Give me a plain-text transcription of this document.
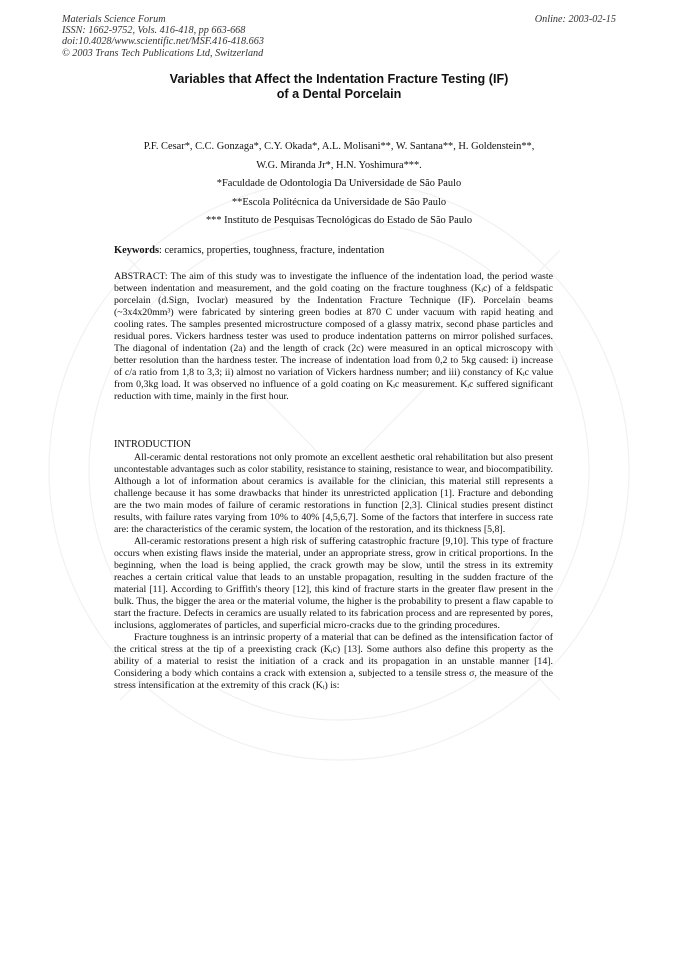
Materials Science Forum
ISSN: 1662-9752, Vols. 416-418, pp 663-668
doi:10.4028/www.scientific.net/MSF.416-418.663
© 2003 Trans Tech Publications Ltd, Switzerland
Online: 2003-02-15
Variables that Affect the Indentation Fracture Testing (IF)
of a Dental Porcelain
P.F. Cesar*, C.C. Gonzaga*, C.Y. Okada*, A.L. Molisani**, W. Santana**, H. Goldenstein**,
W.G. Miranda Jr*, H.N. Yoshimura***.
*Faculdade de Odontologia Da Universidade de São Paulo
**Escola Politécnica da Universidade de São Paulo
*** Instituto de Pesquisas Tecnológicas do Estado de São Paulo
Keywords: ceramics, properties, toughness, fracture, indentation
ABSTRACT: The aim of this study was to investigate the influence of the indentation load, the period waste between indentation and measurement, and the gold coating on the fracture toughness (Kᵢc) of a feldspatic porcelain (d.Sign, Ivoclar) measured by the Indentation Fracture Technique (IF). Porcelain beams (~3x4x20mm³) were fabricated by sintering green bodies at 870 C under vacuum with rapid heating and cooling rates. The samples presented microstructure composed of a glassy matrix, second phase particles and residual pores. Vickers hardness tester was used to produce indentation patterns on mirror polished surfaces. The diagonal of indentation (2a) and the length of crack (2c) were measured in an optical microscopy with better resolution than the hardness tester. The increase of indentation load from 0,2 to 5kg caused: i) increase of c/a ratio from 1,8 to 3,3; ii) almost no variation of Vickers hardness number; and iii) constancy of Kᵢc value from 0,3kg load. It was observed no influence of a gold coating on Kᵢc measurement. Kᵢc suffered significant reduction with time, mainly in the first hour.
INTRODUCTION
All-ceramic dental restorations not only promote an excellent aesthetic oral rehabilitation but also present uncontestable advantages such as color stability, resistance to staining, resistance to wear, and biocompatibility. Although a lot of information about ceramics is available for the clinician, this material still represents a challenge because it has some drawbacks that hinder its unrestricted application [1]. Fracture and debonding are the two main modes of failure of ceramic restorations in function [2,3]. Clinical studies present distinct results, with failure rates varying from 10% to 40% [4,5,6,7]. Some of the factors that interfere in success rate are: the characteristics of the ceramic system, the location of the restoration, and its thickness [5,8].
All-ceramic restorations present a high risk of suffering catastrophic fracture [9,10]. This type of fracture occurs when existing flaws inside the material, under an appropriate stress, grow in critical proportions. In the beginning, when the load is being applied, the crack growth may be slow, until the stress in its extremity reaches a certain critical value that leads to an unstable propagation, resulting in the sudden fracture of the material [11]. According to Griffith's theory [12], this kind of fracture starts in the greater flaw present in the bulk. Thus, the bigger the area or the material volume, the higher is the probability to present a flaw capable to start the fracture. Defects in ceramics are usually related to its fabrication process and are represented by pores, inclusions, agglomerates of particles, and superficial micro-cracks due to the grinding procedures.
Fracture toughness is an intrinsic property of a material that can be defined as the intensification factor of the critical stress at the tip of a preexisting crack (Kᵢc) [13]. Some authors also define this property as the ability of a material to resist the initiation of a crack and its propagation in an unstable manner [14]. Considering a body which contains a crack with extension a, subjected to a tensile stress σ, the measure of the stress intensification at the extremity of this crack (Kᵢ) is:
